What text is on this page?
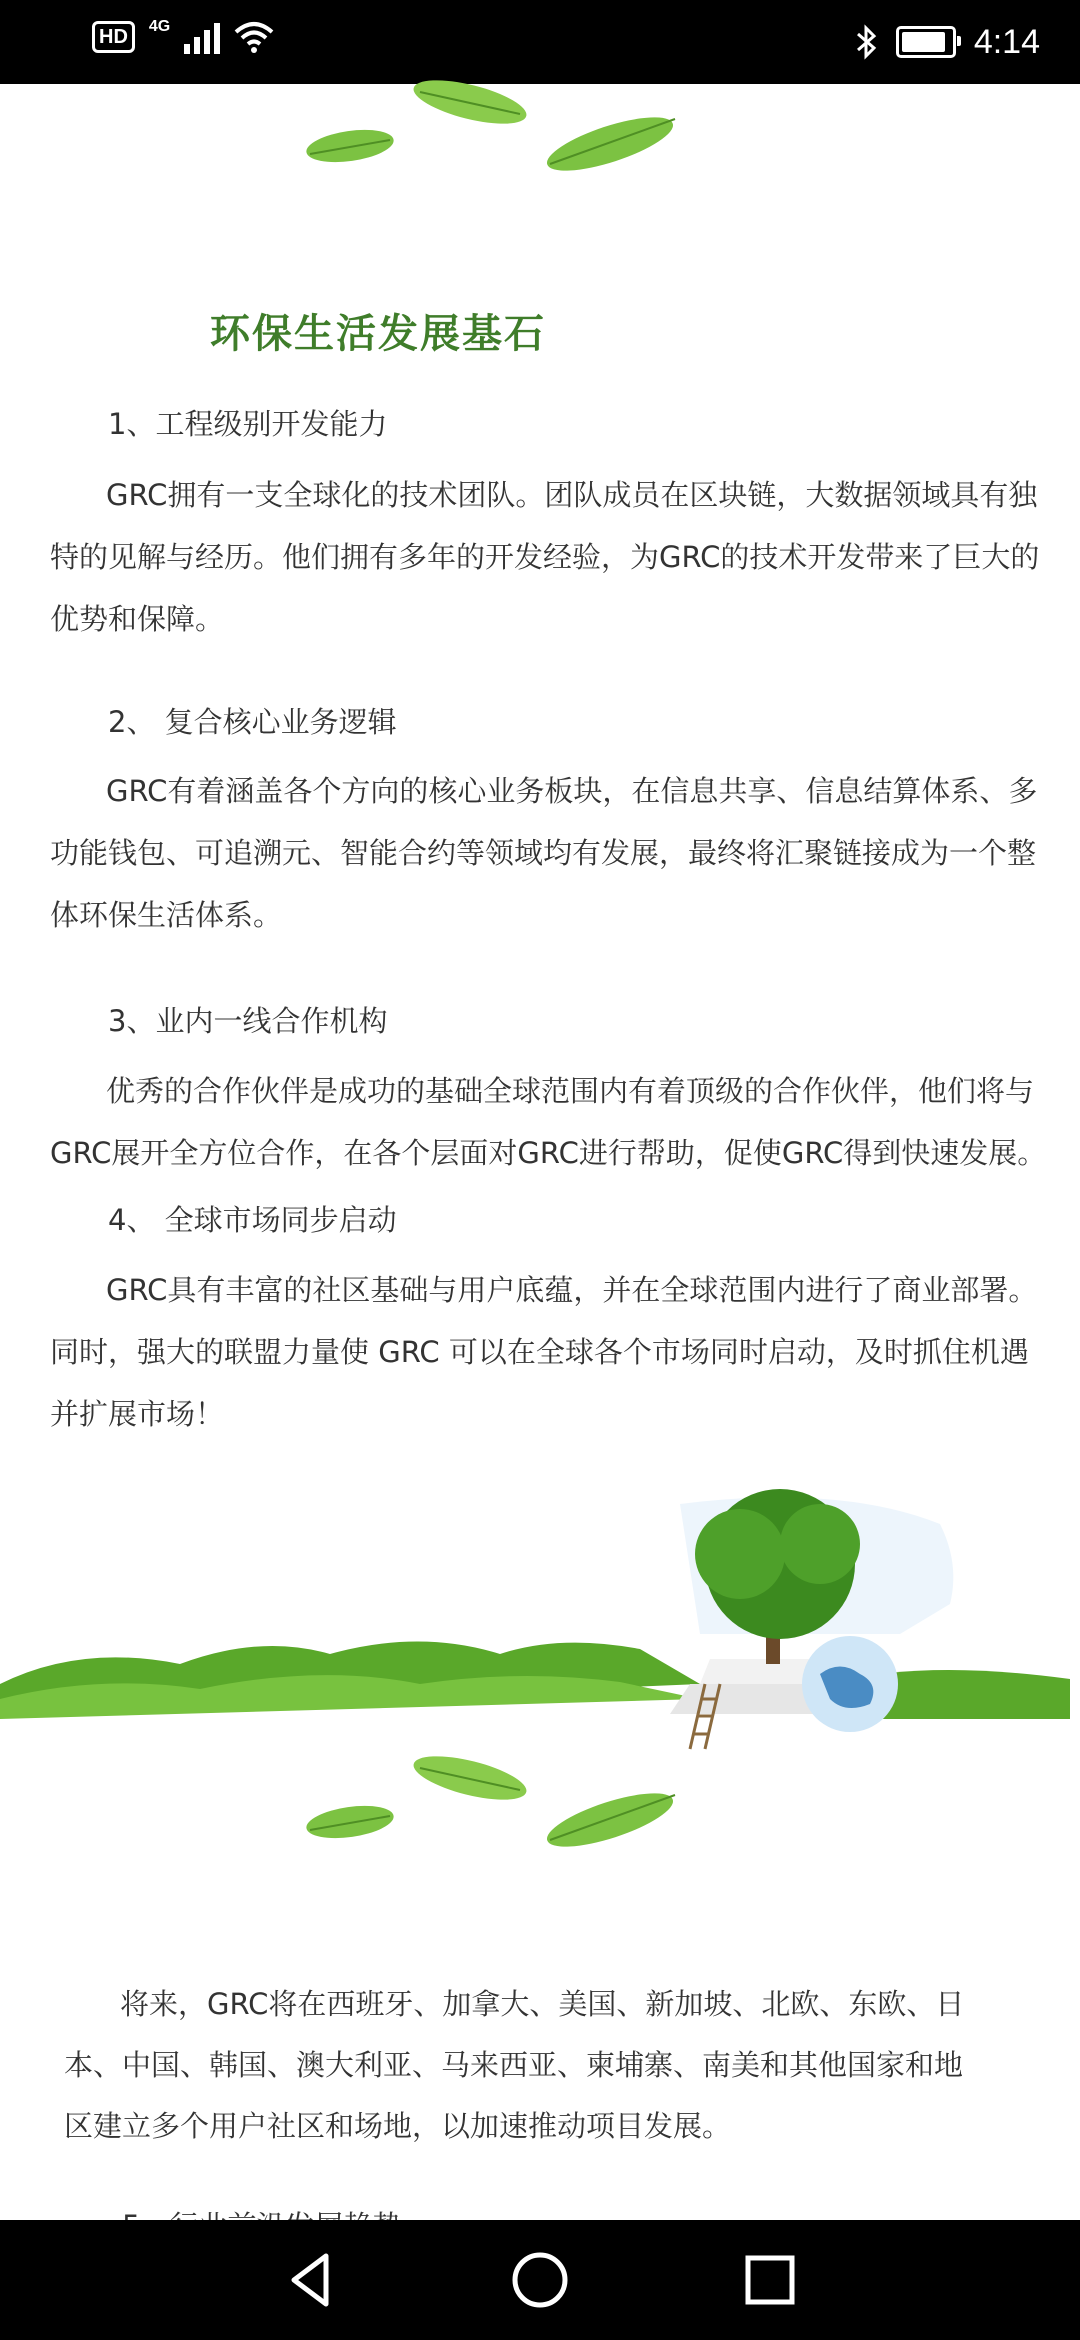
HD	4G	4:14
环保生活发展基石
1、工程级别开发能力
GRC拥有一支全球化的技术团队。团队成员在区块链，大数据领域具有独特的见解与经历。他们拥有多年的开发经验，为GRC的技术开发带来了巨大的优势和保障。
2、 复合核心业务逻辑
GRC有着涵盖各个方向的核心业务板块，在信息共享、信息结算体系、多功能钱包、可追溯元、智能合约等领域均有发展，最终将汇聚链接成为一个整体环保生活体系。
3、业内一线合作机构
优秀的合作伙伴是成功的基础全球范围内有着顶级的合作伙伴，他们将与GRC展开全方位合作，在各个层面对GRC进行帮助，促使GRC得到快速发展。
4、 全球市场同步启动
GRC具有丰富的社区基础与用户底蕴，并在全球范围内进行了商业部署。同时，强大的联盟力量使 GRC 可以在全球各个市场同时启动，及时抓住机遇并扩展市场！
将来，GRC将在西班牙、加拿大、美国、新加坡、北欧、东欧、日本、中国、韩国、澳大利亚、马来西亚、柬埔寨、南美和其他国家和地区建立多个用户社区和场地，以加速推动项目发展。
